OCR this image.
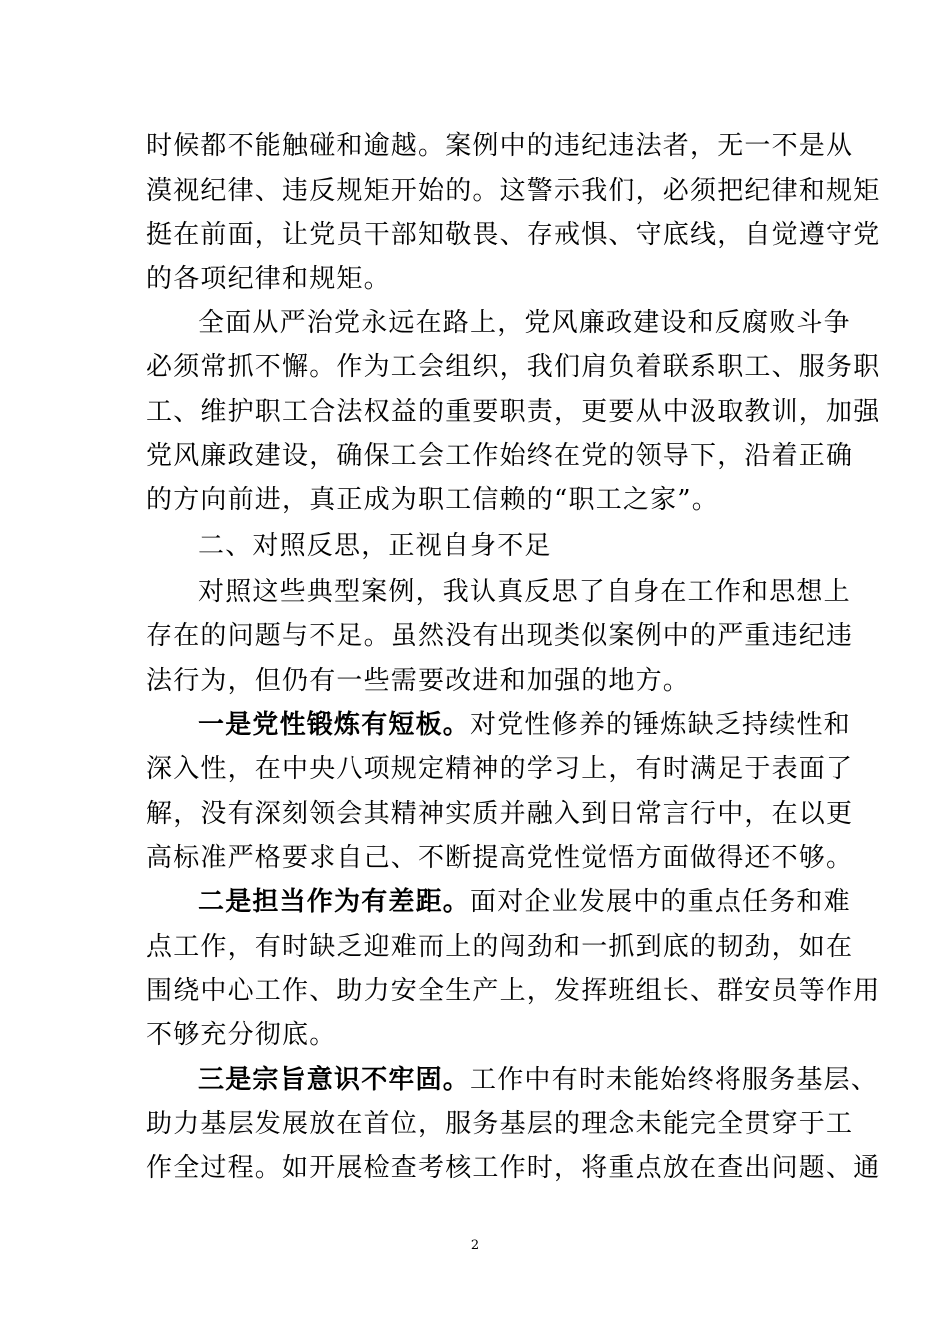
时候都不能触碰和逾越。案例中的违纪违法者，无一不是从
漠视纪律、违反规矩开始的。这警示我们，必须把纪律和规矩
挺在前面，让党员干部知敬畏、存戒惧、守底线，自觉遵守党
的各项纪律和规矩。
全面从严治党永远在路上，党风廉政建设和反腐败斗争
必须常抓不懈。作为工会组织，我们肩负着联系职工、服务职
工、维护职工合法权益的重要职责，更要从中汲取教训，加强
党风廉政建设，确保工会工作始终在党的领导下，沿着正确
的方向前进，真正成为职工信赖的“职工之家”。
二、对照反思，正视自身不足
对照这些典型案例，我认真反思了自身在工作和思想上
存在的问题与不足。虽然没有出现类似案例中的严重违纪违
法行为，但仍有一些需要改进和加强的地方。
一是党性锻炼有短板。对党性修养的锤炼缺乏持续性和
深入性，在中央八项规定精神的学习上，有时满足于表面了
解，没有深刻领会其精神实质并融入到日常言行中，在以更
高标准严格要求自己、不断提高党性觉悟方面做得还不够。
二是担当作为有差距。面对企业发展中的重点任务和难
点工作，有时缺乏迎难而上的闯劲和一抓到底的韧劲，如在
围绕中心工作、助力安全生产上，发挥班组长、群安员等作用
不够充分彻底。
三是宗旨意识不牢固。工作中有时未能始终将服务基层、
助力基层发展放在首位，服务基层的理念未能完全贯穿于工
作全过程。如开展检查考核工作时，将重点放在查出问题、通
2
